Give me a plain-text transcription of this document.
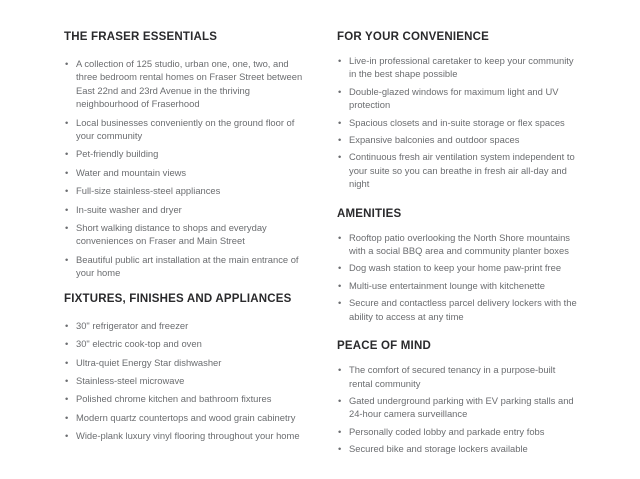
THE FRASER ESSENTIALS
• A collection of 125 studio, urban one, one, two, and three bedroom rental homes on Fraser Street between East 22nd and 23rd Avenue in the thriving neighbourhood of Fraserhood
• Local businesses conveniently on the ground floor of your community
• Pet-friendly building
• Water and mountain views
• Full-size stainless-steel appliances
• In-suite washer and dryer
• Short walking distance to shops and everyday conveniences on Fraser and Main Street
• Beautiful public art installation at the main entrance of your home
FIXTURES, FINISHES AND APPLIANCES
• 30" refrigerator and freezer
• 30" electric cook-top and oven
• Ultra-quiet Energy Star dishwasher
• Stainless-steel microwave
• Polished chrome kitchen and bathroom fixtures
• Modern quartz countertops and wood grain cabinetry
• Wide-plank luxury vinyl flooring throughout your home
FOR YOUR CONVENIENCE
• Live-in professional caretaker to keep your community in the best shape possible
• Double-glazed windows for maximum light and UV protection
• Spacious closets and in-suite storage or flex spaces
• Expansive balconies and outdoor spaces
• Continuous fresh air ventilation system independent to your suite so you can breathe in fresh air all-day and night
AMENITIES
• Rooftop patio overlooking the North Shore mountains with a social BBQ area and community planter boxes
• Dog wash station to keep your home paw-print free
• Multi-use entertainment lounge with kitchenette
• Secure and contactless parcel delivery lockers with the ability to access at any time
PEACE OF MIND
• The comfort of secured tenancy in a purpose-built rental community
• Gated underground parking with EV parking stalls and 24-hour camera surveillance
• Personally coded lobby and parkade entry fobs
• Secured bike and storage lockers available
